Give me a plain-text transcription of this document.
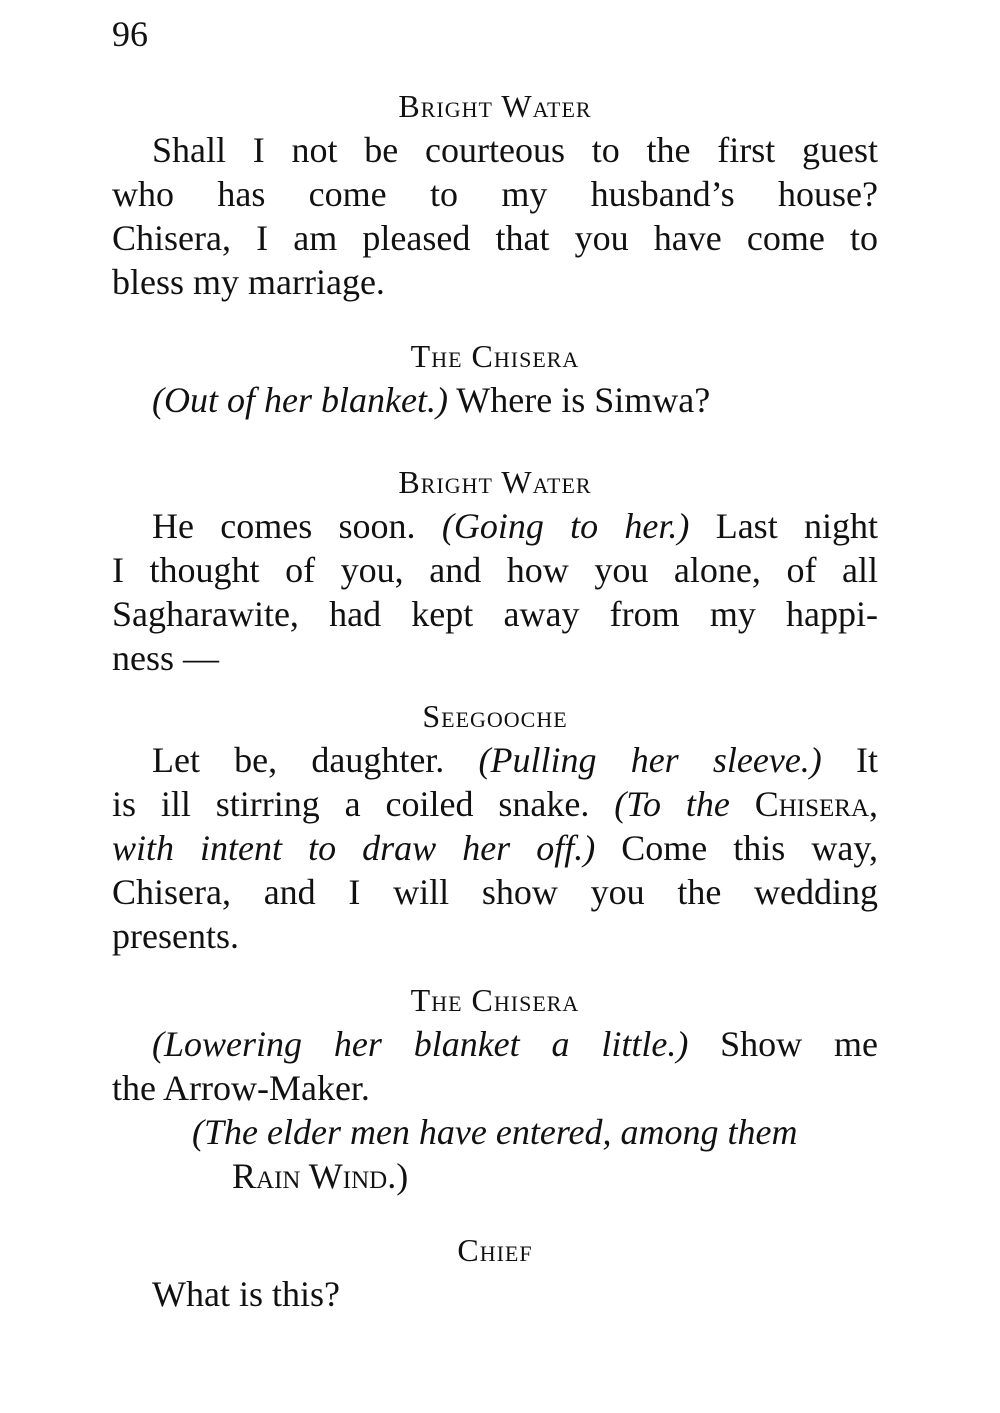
96
Bright Water
Shall I not be courteous to the first guest
who has come to my husband’s house?
Chisera, I am pleased that you have come to
bless my marriage.
The Chisera
(Out of her blanket.) Where is Simwa?
Bright Water
He comes soon. (Going to her.) Last night
I thought of you, and how you alone, of all
Sagharawite, had kept away from my happi-
ness —
Seegooche
Let be, daughter. (Pulling her sleeve.) It
is ill stirring a coiled snake. (To the Chisera,
with intent to draw her off.) Come this way,
Chisera, and I will show you the wedding
presents.
The Chisera
(Lowering her blanket a little.) Show me
the Arrow-Maker.
(The elder men have entered, among them
Rain Wind.)
Chief
What is this?
